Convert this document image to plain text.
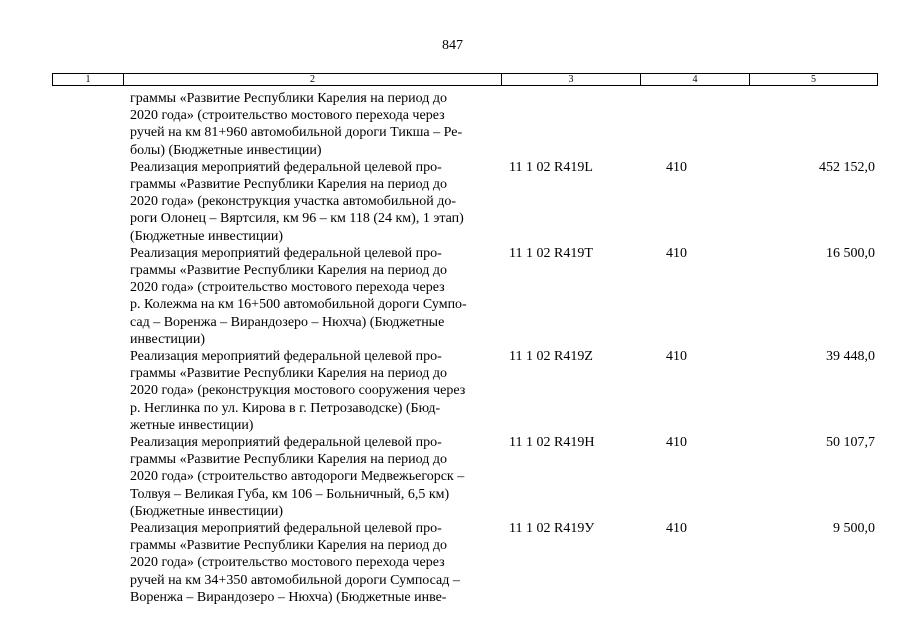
847
1	2	3	4	5
граммы «Развитие Республики Карелия на период до
2020 года» (строительство мостового перехода через
ручей на км 81+960 автомобильной дороги Тикша – Ре-
болы) (Бюджетные инвестиции)
Реализация мероприятий федеральной целевой про-
граммы «Развитие Республики Карелия на период до
2020 года» (реконструкция участка автомобильной до-
роги Олонец – Вяртсиля, км 96 – км 118 (24 км), 1 этап)
(Бюджетные инвестиции)
11 1 02 R419L	410	452 152,0
Реализация мероприятий федеральной целевой про-
граммы «Развитие Республики Карелия на период до
2020 года» (строительство мостового перехода через
р. Колежма на км 16+500 автомобильной дороги Сумпо-
сад – Воренжа – Вирандозеро – Нюхча) (Бюджетные
инвестиции)
11 1 02 R419T	410	16 500,0
Реализация мероприятий федеральной целевой про-
граммы «Развитие Республики Карелия на период до
2020 года» (реконструкция мостового сооружения через
р. Неглинка по ул. Кирова в г. Петрозаводске) (Бюд-
жетные инвестиции)
11 1 02 R419Z	410	39 448,0
Реализация мероприятий федеральной целевой про-
граммы «Развитие Республики Карелия на период до
2020 года» (строительство автодороги Медвежьегорск –
Толвуя – Великая Губа, км 106 – Больничный, 6,5 км)
(Бюджетные инвестиции)
11 1 02 R419H	410	50 107,7
Реализация мероприятий федеральной целевой про-
граммы «Развитие Республики Карелия на период до
2020 года» (строительство мостового перехода через
ручей на км 34+350 автомобильной дороги Сумпосад –
Воренжа – Вирандозеро – Нюхча) (Бюджетные инве-
11 1 02 R419У	410	9 500,0
